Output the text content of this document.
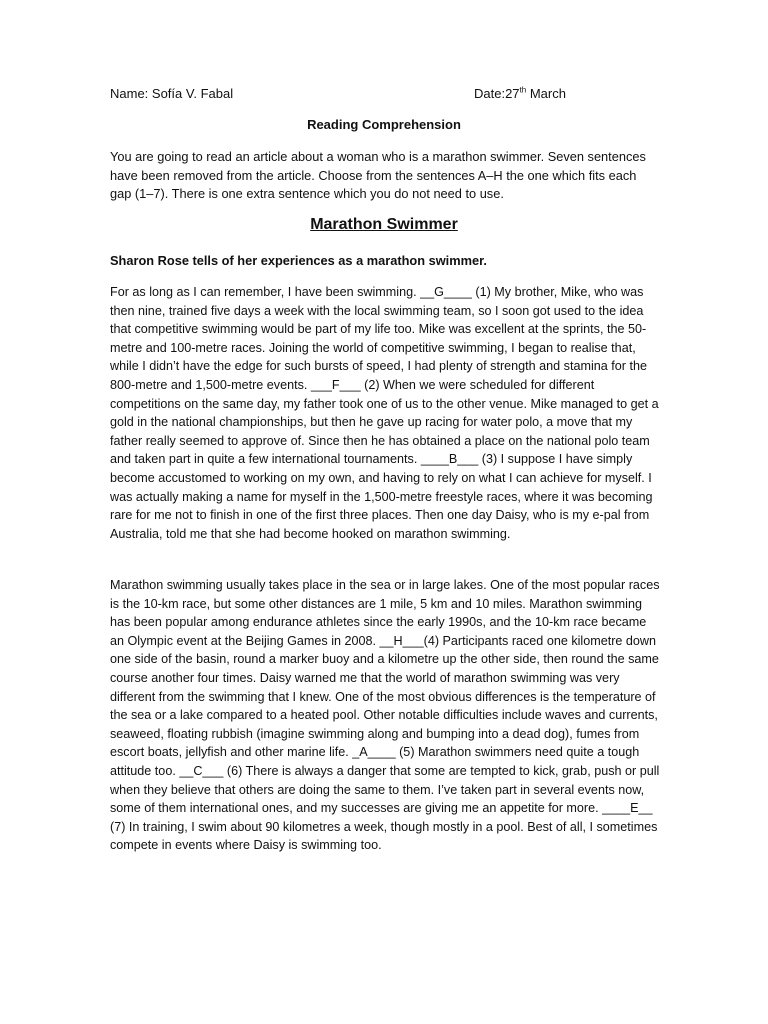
Name: Sofía V. Fabal	Date:27th March
Reading Comprehension
You are going to read an article about a woman who is a marathon swimmer. Seven sentences have been removed from the article. Choose from the sentences A–H the one which fits each gap (1–7). There is one extra sentence which you do not need to use.
Marathon Swimmer
Sharon Rose tells of her experiences as a marathon swimmer.
For as long as I can remember, I have been swimming. __G____ (1) My brother, Mike, who was then nine, trained five days a week with the local swimming team, so I soon got used to the idea that competitive swimming would be part of my life too. Mike was excellent at the sprints, the 50-metre and 100-metre races. Joining the world of competitive swimming, I began to realise that, while I didn’t have the edge for such bursts of speed, I had plenty of strength and stamina for the 800-metre and 1,500-metre events. ___F___ (2) When we were scheduled for different competitions on the same day, my father took one of us to the other venue. Mike managed to get a gold in the national championships, but then he gave up racing for water polo, a move that my father really seemed to approve of. Since then he has obtained a place on the national polo team and taken part in quite a few international tournaments. ____B___ (3) I suppose I have simply become accustomed to working on my own, and having to rely on what I can achieve for myself. I was actually making a name for myself in the 1,500-metre freestyle races, where it was becoming rare for me not to finish in one of the first three places. Then one day Daisy, who is my e-pal from Australia, told me that she had become hooked on marathon swimming.
Marathon swimming usually takes place in the sea or in large lakes. One of the most popular races is the 10-km race, but some other distances are 1 mile, 5 km and 10 miles. Marathon swimming has been popular among endurance athletes since the early 1990s, and the 10-km race became an Olympic event at the Beijing Games in 2008. __H___(4) Participants raced one kilometre down one side of the basin, round a marker buoy and a kilometre up the other side, then round the same course another four times. Daisy warned me that the world of marathon swimming was very different from the swimming that I knew. One of the most obvious differences is the temperature of the sea or a lake compared to a heated pool. Other notable difficulties include waves and currents, seaweed, floating rubbish (imagine swimming along and bumping into a dead dog), fumes from escort boats, jellyfish and other marine life. _A____ (5) Marathon swimmers need quite a tough attitude too. __C___ (6) There is always a danger that some are tempted to kick, grab, push or pull when they believe that others are doing the same to them. I’ve taken part in several events now, some of them international ones, and my successes are giving me an appetite for more. ____E__ (7) In training, I swim about 90 kilometres a week, though mostly in a pool. Best of all, I sometimes compete in events where Daisy is swimming too.
